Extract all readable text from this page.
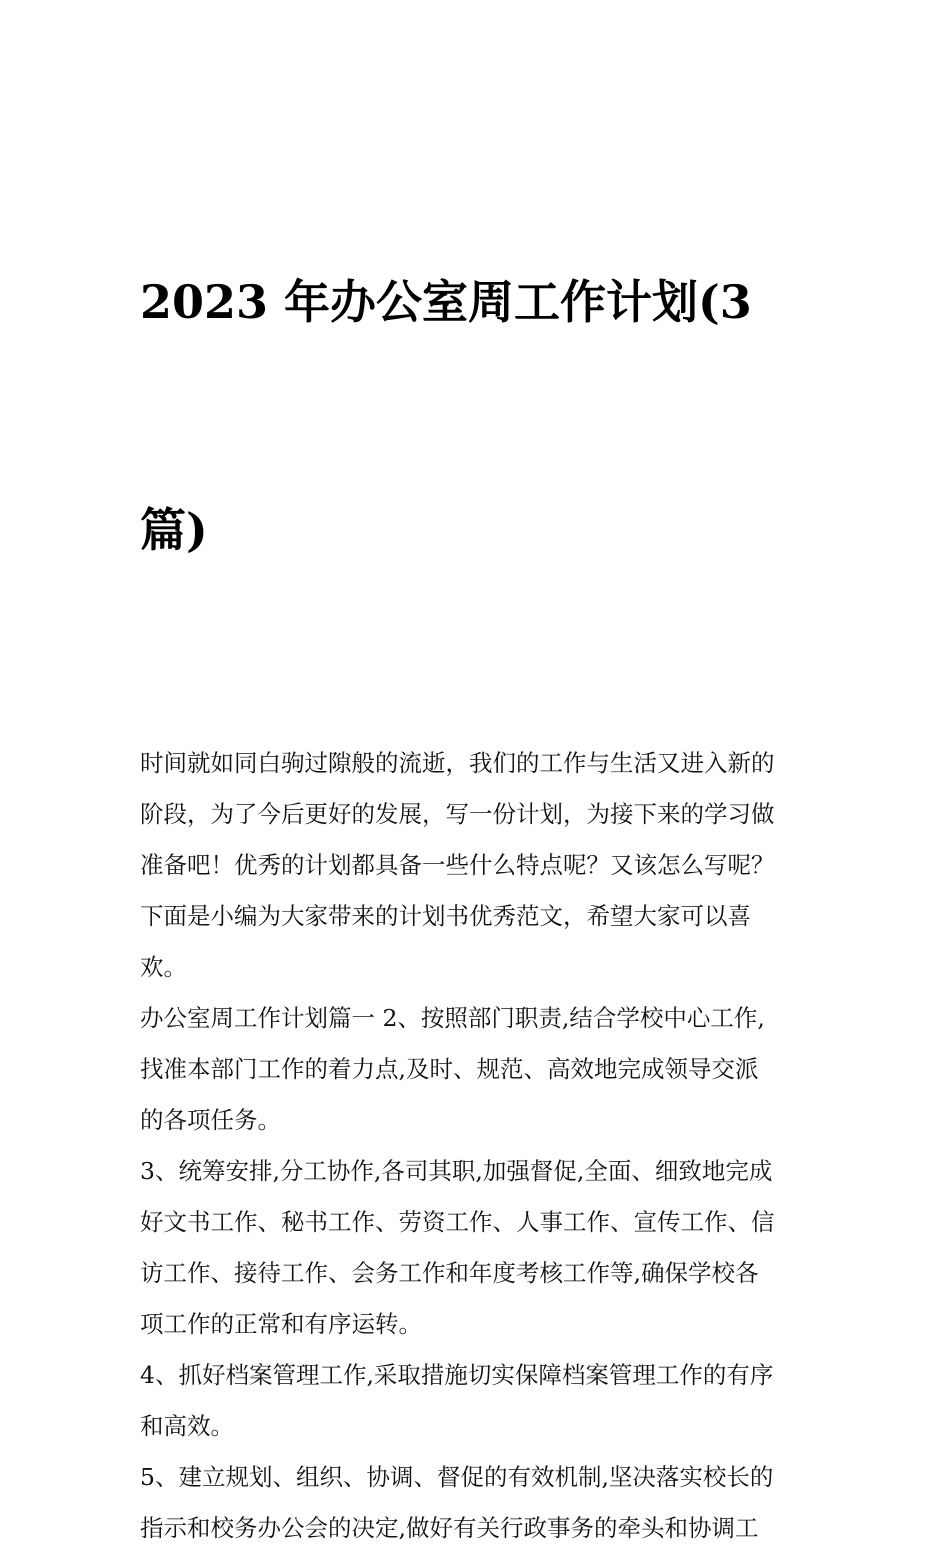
2023 年办公室周工作计划(3

篇)

时间就如同白驹过隙般的流逝，我们的工作与生活又进入新的
阶段，为了今后更好的发展，写一份计划，为接下来的学习做
准备吧！优秀的计划都具备一些什么特点呢？又该怎么写呢？
下面是小编为大家带来的计划书优秀范文，希望大家可以喜
欢。
办公室周工作计划篇一 2、按照部门职责,结合学校中心工作,
找准本部门工作的着力点,及时、规范、高效地完成领导交派
的各项任务。
3、统筹安排,分工协作,各司其职,加强督促,全面、细致地完成
好文书工作、秘书工作、劳资工作、人事工作、宣传工作、信
访工作、接待工作、会务工作和年度考核工作等,确保学校各
项工作的正常和有序运转。
4、抓好档案管理工作,采取措施切实保障档案管理工作的有序
和高效。
5、建立规划、组织、协调、督促的有效机制,坚决落实校长的
指示和校务办公会的决定,做好有关行政事务的牵头和协调工
